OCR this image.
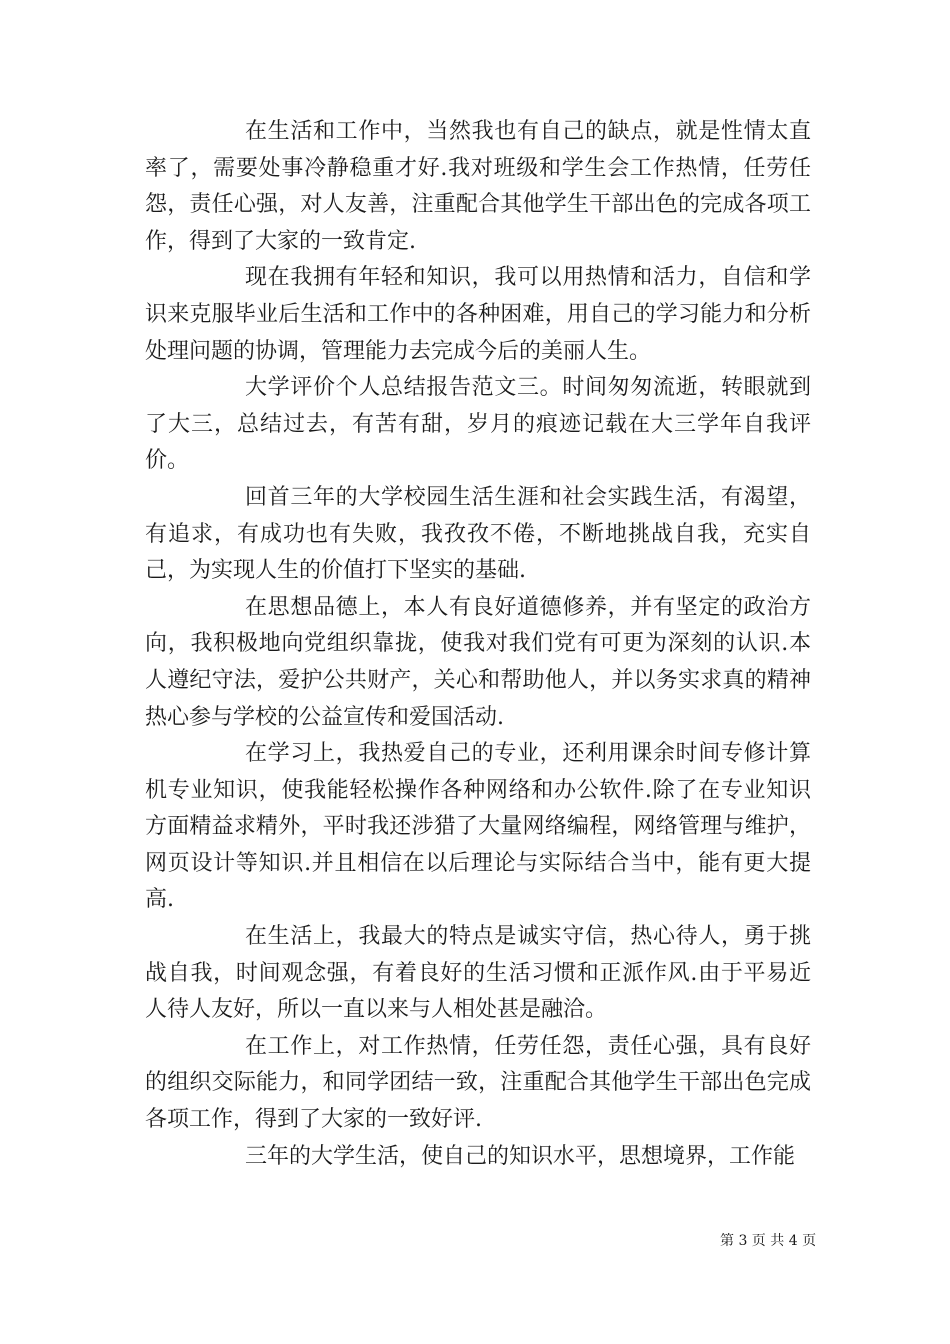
在生活和工作中，当然我也有自己的缺点，就是性情太直率了，需要处事冷静稳重才好.我对班级和学生会工作热情，任劳任怨，责任心强，对人友善，注重配合其他学生干部出色的完成各项工作，得到了大家的一致肯定.

现在我拥有年轻和知识，我可以用热情和活力，自信和学识来克服毕业后生活和工作中的各种困难，用自己的学习能力和分析处理问题的协调，管理能力去完成今后的美丽人生。

大学评价个人总结报告范文三。时间匆匆流逝，转眼就到了大三，总结过去，有苦有甜，岁月的痕迹记载在大三学年自我评价。

回首三年的大学校园生活生涯和社会实践生活，有渴望，有追求，有成功也有失败，我孜孜不倦，不断地挑战自我，充实自己，为实现人生的价值打下坚实的基础.

在思想品德上，本人有良好道德修养，并有坚定的政治方向，我积极地向党组织靠拢，使我对我们党有可更为深刻的认识.本人遵纪守法，爱护公共财产，关心和帮助他人，并以务实求真的精神热心参与学校的公益宣传和爱国活动.

在学习上，我热爱自己的专业，还利用课余时间专修计算机专业知识，使我能轻松操作各种网络和办公软件.除了在专业知识方面精益求精外，平时我还涉猎了大量网络编程，网络管理与维护，网页设计等知识.并且相信在以后理论与实际结合当中，能有更大提高.

在生活上，我最大的特点是诚实守信，热心待人，勇于挑战自我，时间观念强，有着良好的生活习惯和正派作风.由于平易近人待人友好，所以一直以来与人相处甚是融洽。

在工作上，对工作热情，任劳任怨，责任心强，具有良好的组织交际能力，和同学团结一致，注重配合其他学生干部出色完成各项工作，得到了大家的一致好评.

三年的大学生活，使自己的知识水平，思想境界，工作能

第 3 页 共 4 页
